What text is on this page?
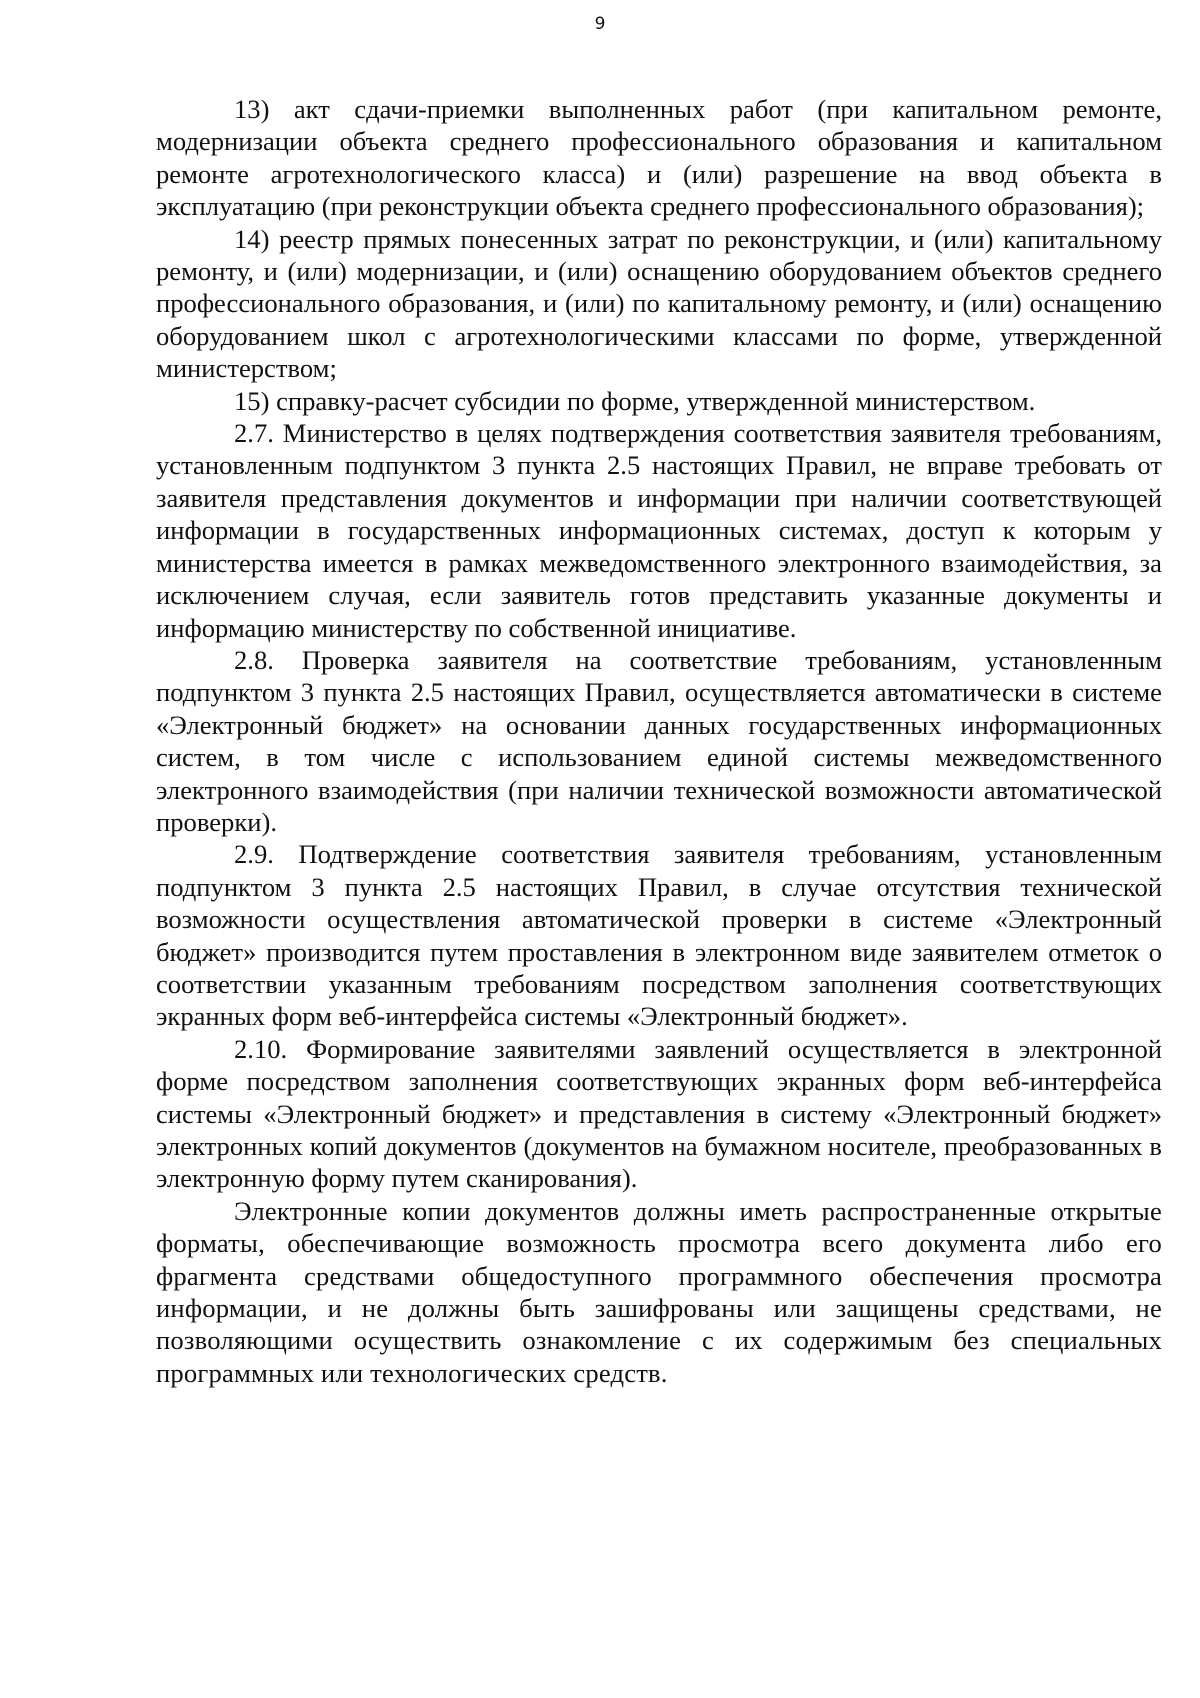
9

13) акт сдачи-приемки выполненных работ (при капитальном ремонте, модернизации объекта среднего профессионального образования и капитальном ремонте агротехнологического класса) и (или) разрешение на ввод объекта в эксплуатацию (при реконструкции объекта среднего профессионального образования);

14) реестр прямых понесенных затрат по реконструкции, и (или) капитальному ремонту, и (или) модернизации, и (или) оснащению оборудованием объектов среднего профессионального образования, и (или) по капитальному ремонту, и (или) оснащению оборудованием школ с агротехнологическими классами по форме, утвержденной министерством;

15) справку-расчет субсидии по форме, утвержденной министерством.

2.7. Министерство в целях подтверждения соответствия заявителя требованиям, установленным подпунктом 3 пункта 2.5 настоящих Правил, не вправе требовать от заявителя представления документов и информации при наличии соответствующей информации в государственных информационных системах, доступ к которым у министерства имеется в рамках межведомственного электронного взаимодействия, за исключением случая, если заявитель готов представить указанные документы и информацию министерству по собственной инициативе.

2.8. Проверка заявителя на соответствие требованиям, установленным подпунктом 3 пункта 2.5 настоящих Правил, осуществляется автоматически в системе «Электронный бюджет» на основании данных государственных информационных систем, в том числе с использованием единой системы межведомственного электронного взаимодействия (при наличии технической возможности автоматической проверки).

2.9. Подтверждение соответствия заявителя требованиям, установленным подпунктом 3 пункта 2.5 настоящих Правил, в случае отсутствия технической возможности осуществления автоматической проверки в системе «Электронный бюджет» производится путем проставления в электронном виде заявителем отметок о соответствии указанным требованиям посредством заполнения соответствующих экранных форм веб-интерфейса системы «Электронный бюджет».

2.10. Формирование заявителями заявлений осуществляется в электронной форме посредством заполнения соответствующих экранных форм веб-интерфейса системы «Электронный бюджет» и представления в систему «Электронный бюджет» электронных копий документов (документов на бумажном носителе, преобразованных в электронную форму путем сканирования).

Электронные копии документов должны иметь распространенные открытые форматы, обеспечивающие возможность просмотра всего документа либо его фрагмента средствами общедоступного программного обеспечения просмотра информации, и не должны быть зашифрованы или защищены средствами, не позволяющими осуществить ознакомление с их содержимым без специальных программных или технологических средств.
